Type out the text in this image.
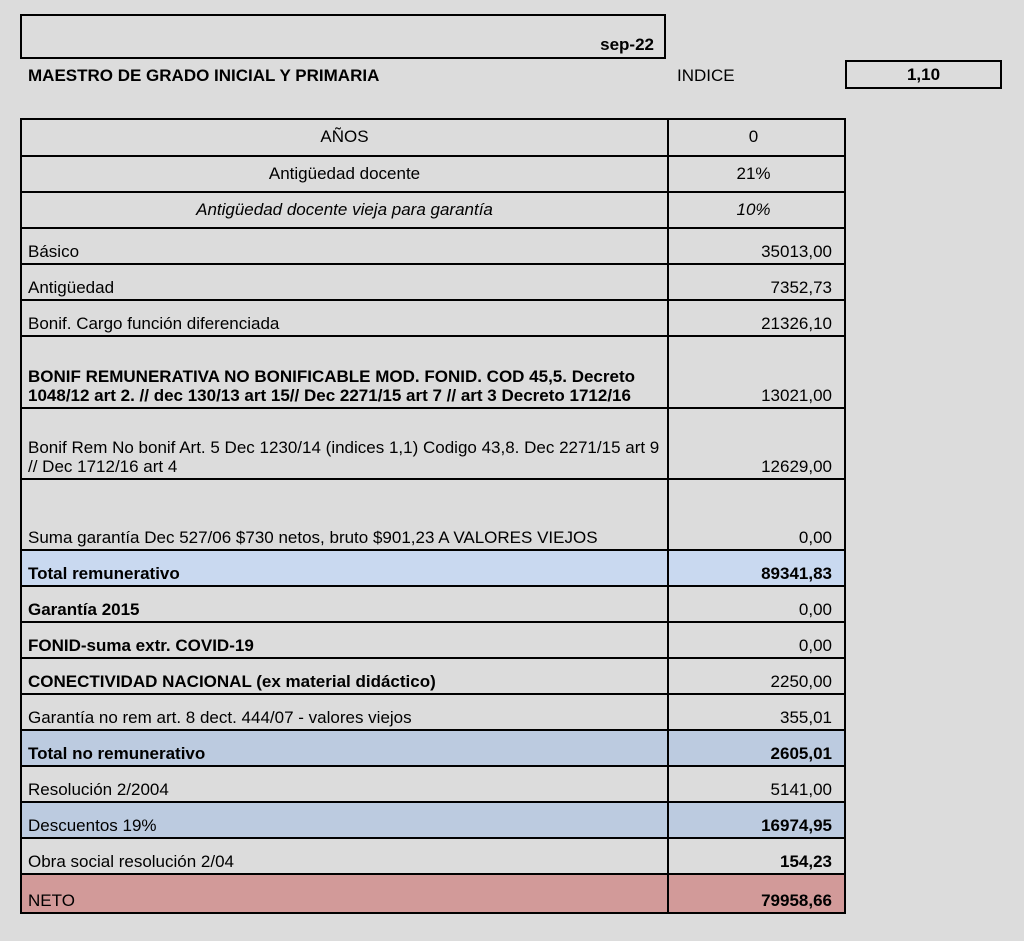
sep-22
MAESTRO DE GRADO INICIAL Y PRIMARIA	INDICE	1,10
AÑOS	0
Antigüedad docente	21%
Antigüedad docente vieja para garantía	10%
Básico	35013,00
Antigüedad	7352,73
Bonif. Cargo función diferenciada	21326,10
BONIF REMUNERATIVA NO BONIFICABLE MOD. FONID. COD 45,5. Decreto 1048/12 art 2. // dec 130/13 art 15// Dec 2271/15 art 7 // art 3 Decreto 1712/16	13021,00
Bonif Rem No bonif Art. 5 Dec 1230/14 (indices 1,1) Codigo 43,8. Dec 2271/15 art 9 // Dec 1712/16 art 4	12629,00
Suma garantía Dec 527/06 $730 netos, bruto $901,23 A VALORES VIEJOS	0,00
Total remunerativo	89341,83
Garantía 2015	0,00
FONID-suma extr. COVID-19	0,00
CONECTIVIDAD NACIONAL (ex material didáctico)	2250,00
Garantía no rem art. 8 dect. 444/07 - valores viejos	355,01
Total no remunerativo	2605,01
Resolución 2/2004	5141,00
Descuentos 19%	16974,95
Obra social resolución 2/04	154,23
NETO	79958,66
